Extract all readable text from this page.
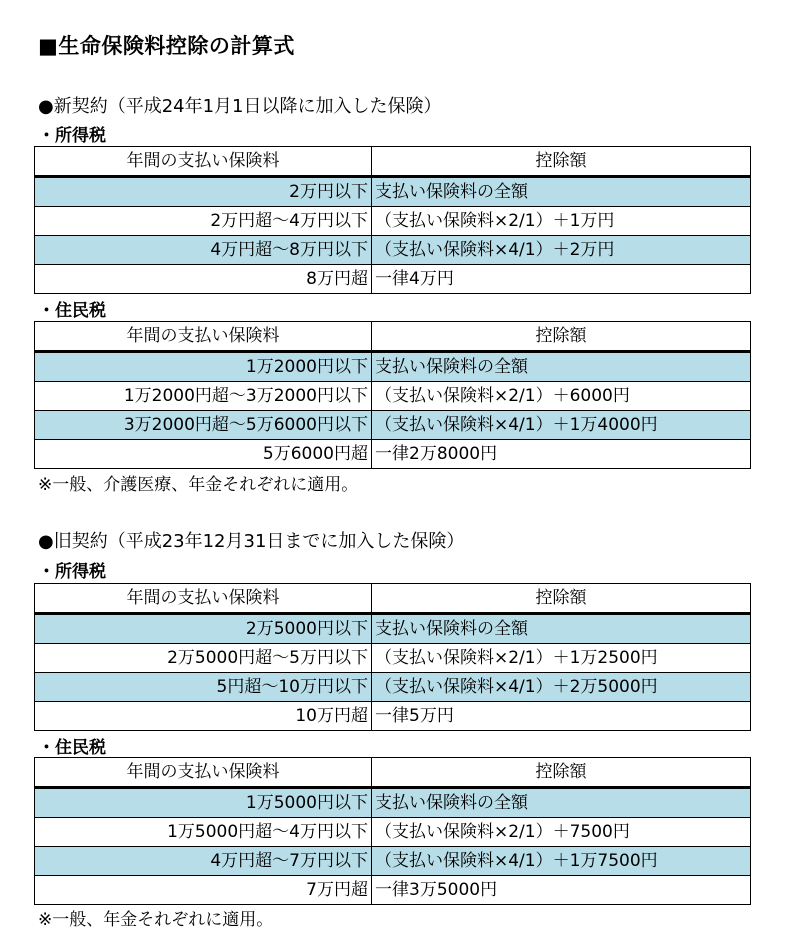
■生命保険料控除の計算式
●新契約（平成24年1月1日以降に加入した保険）
・所得税
年間の支払い保険料	控除額
2万円以下	支払い保険料の全額
2万円超～4万円以下	（支払い保険料×2/1）＋1万円
4万円超～8万円以下	（支払い保険料×4/1）＋2万円
8万円超	一律4万円
・住民税
年間の支払い保険料	控除額
1万2000円以下	支払い保険料の全額
1万2000円超～3万2000円以下	（支払い保険料×2/1）＋6000円
3万2000円超～5万6000円以下	（支払い保険料×4/1）＋1万4000円
5万6000円超	一律2万8000円
※一般、介護医療、年金それぞれに適用。
●旧契約（平成23年12月31日までに加入した保険）
・所得税
年間の支払い保険料	控除額
2万5000円以下	支払い保険料の全額
2万5000円超～5万円以下	（支払い保険料×2/1）＋1万2500円
5円超～10万円以下	（支払い保険料×4/1）＋2万5000円
10万円超	一律5万円
・住民税
年間の支払い保険料	控除額
1万5000円以下	支払い保険料の全額
1万5000円超～4万円以下	（支払い保険料×2/1）＋7500円
4万円超～7万円以下	（支払い保険料×4/1）＋1万7500円
7万円超	一律3万5000円
※一般、年金それぞれに適用。
